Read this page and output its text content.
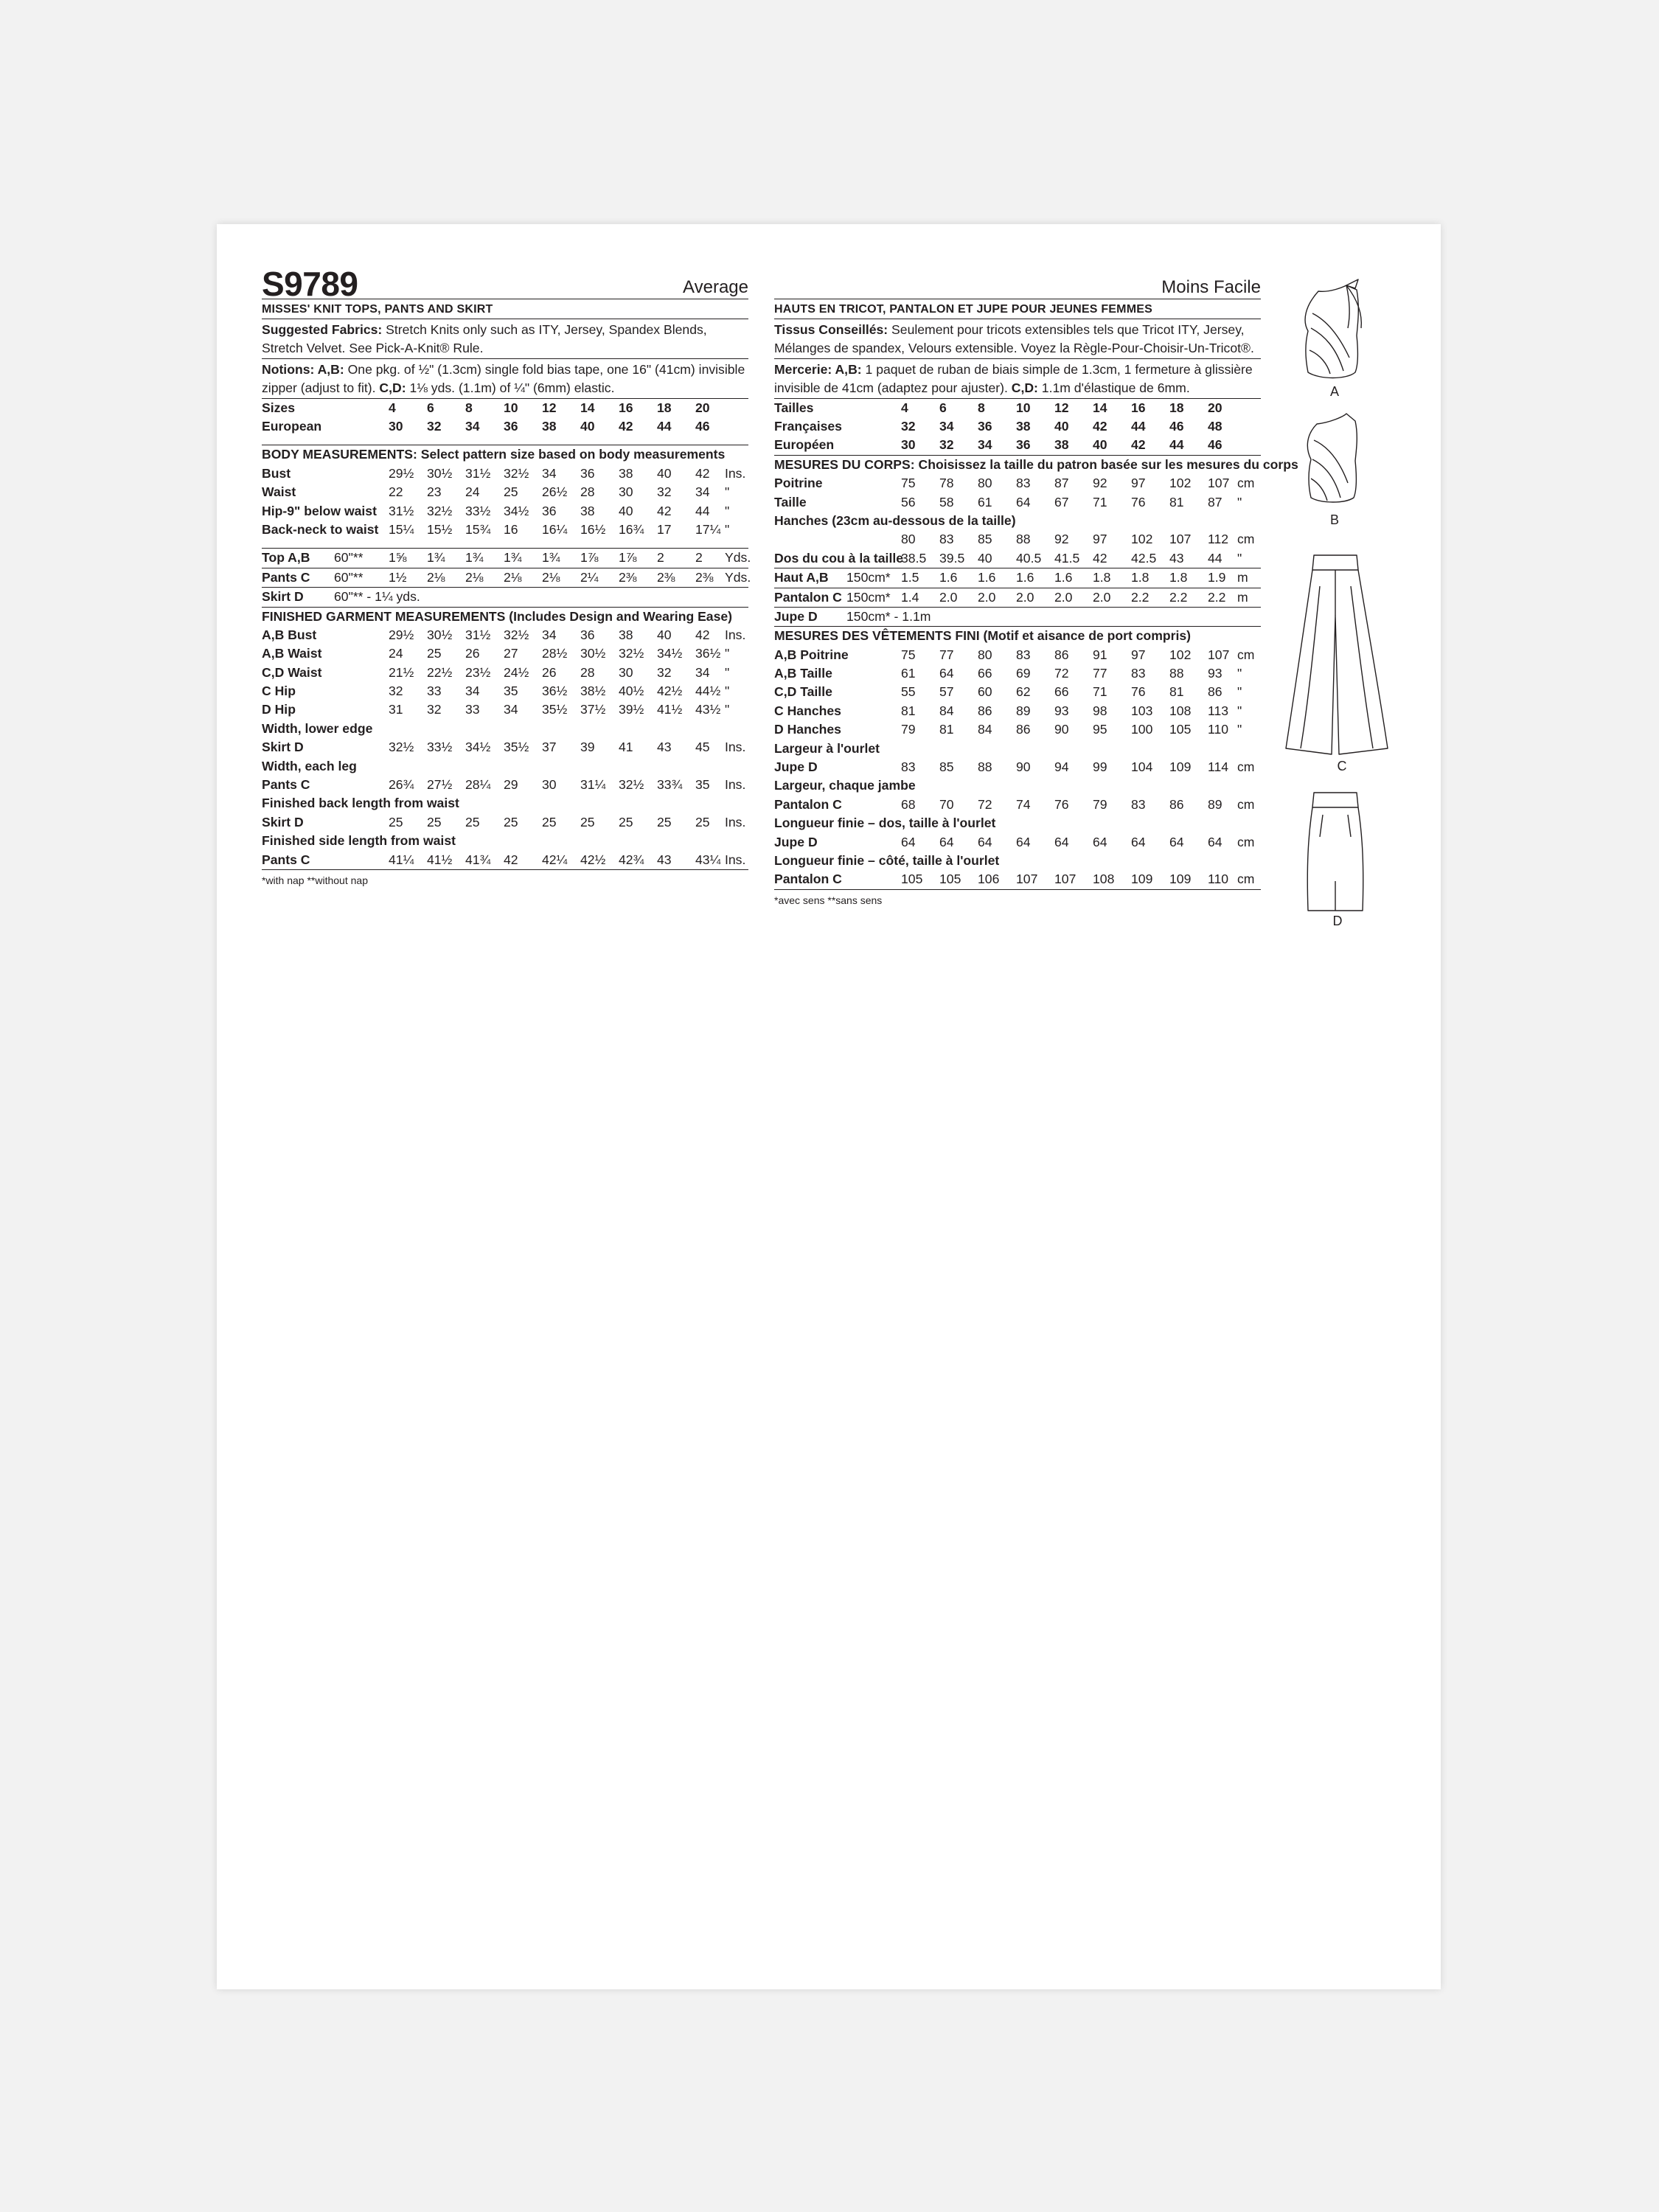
S9789	Average
MISSES' KNIT TOPS, PANTS AND SKIRT
Suggested Fabrics: Stretch Knits only such as ITY, Jersey, Spandex Blends, Stretch Velvet. See Pick-A-Knit® Rule.
Notions: A,B: One pkg. of ½" (1.3cm) single fold bias tape, one 16" (41cm) invisible zipper (adjust to fit). C,D: 1⅛ yds. (1.1m) of ¼" (6mm) elastic.
Sizes	4 6 8 10 12 14 16 18 20
European	30 32 34 36 38 40 42 44 46
BODY MEASUREMENTS: Select pattern size based on body measurements
Bust	29½ 30½ 31½ 32½ 34 36 38 40 42 Ins.
Waist	22 23 24 25 26½ 28 30 32 34 "
Hip-9" below waist 31½ 32½ 33½ 34½ 36 38 40 42 44 "
Back-neck to waist 15¼ 15½ 15¾ 16 16¼ 16½ 16¾ 17 17¼ "
Top A,B 60"** 1⅝ 1¾ 1¾ 1¾ 1¾ 1⅞ 1⅞ 2 2 Yds.
Pants C 60"** 1½ 2⅛ 2⅛ 2⅛ 2⅛ 2¼ 2⅜ 2⅜ 2⅜ Yds.
Skirt D 60"** - 1¼ yds.
FINISHED GARMENT MEASUREMENTS (Includes Design and Wearing Ease)
A,B Bust	29½ 30½ 31½ 32½ 34 36 38 40 42 Ins.
A,B Waist	24 25 26 27 28½ 30½ 32½ 34½ 36½ "
C,D Waist	21½ 22½ 23½ 24½ 26 28 30 32 34 "
C Hip	32 33 34 35 36½ 38½ 40½ 42½ 44½ "
D Hip	31 32 33 34 35½ 37½ 39½ 41½ 43½ "
Width, lower edge
Skirt D	32½ 33½ 34½ 35½ 37 39 41 43 45 Ins.
Width, each leg
Pants C	26¾ 27½ 28¼ 29 30 31¼ 32½ 33¾ 35 Ins.
Finished back length from waist
Skirt D	25 25 25 25 25 25 25 25 25 Ins.
Finished side length from waist
Pants C	41¼ 41½ 41¾ 42 42¼ 42½ 42¾ 43 43¼ Ins.
*with nap **without nap
Moins Facile
HAUTS EN TRICOT, PANTALON ET JUPE POUR JEUNES FEMMES
Tissus Conseillés: Seulement pour tricots extensibles tels que Tricot ITY, Jersey, Mélanges de spandex, Velours extensible. Voyez la Règle-Pour-Choisir-Un-Tricot®.
Mercerie: A,B: 1 paquet de ruban de biais simple de 1.3cm, 1 fermeture à glissière invisible de 41cm (adaptez pour ajuster). C,D: 1.1m d'élastique de 6mm.
Tailles	4 6 8 10 12 14 16 18 20
Françaises	32 34 36 38 40 42 44 46 48
Européen	30 32 34 36 38 40 42 44 46
MESURES DU CORPS: Choisissez la taille du patron basée sur les mesures du corps
Poitrine	75 78 80 83 87 92 97 102 107 cm
Taille	56 58 61 64 67 71 76 81 87 "
Hanches (23cm au-dessous de la taille)
80 83 85 88 92 97 102 107 112 cm
Dos du cou à la taille
38.5 39.5 40 40.5 41.5 42 42.5 43 44 "
Haut A,B 150cm* 1.5 1.6 1.6 1.6 1.6 1.8 1.8 1.8 1.9 m
Pantalon C 150cm* 1.4 2.0 2.0 2.0 2.0 2.0 2.2 2.2 2.2 m
Jupe D 150cm* - 1.1m
MESURES DES VÊTEMENTS FINI (Motif et aisance de port compris)
A,B Poitrine	75 77 80 83 86 91 97 102 107 cm
A,B Taille	61 64 66 69 72 77 83 88 93 "
C,D Taille	55 57 60 62 66 71 76 81 86 "
C Hanches	81 84 86 89 93 98 103 108 113 "
D Hanches	79 81 84 86 90 95 100 105 110 "
Largeur à l'ourlet
Jupe D	83 85 88 90 94 99 104 109 114 cm
Largeur, chaque jambe
Pantalon C	68 70 72 74 76 79 83 86 89 cm
Longueur finie – dos, taille à l'ourlet
Jupe D	64 64 64 64 64 64 64 64 64 cm
Longueur finie – côté, taille à l'ourlet
Pantalon C	105 105 106 107 107 108 109 109 110 cm
*avec sens **sans sens
A
B
C
D
